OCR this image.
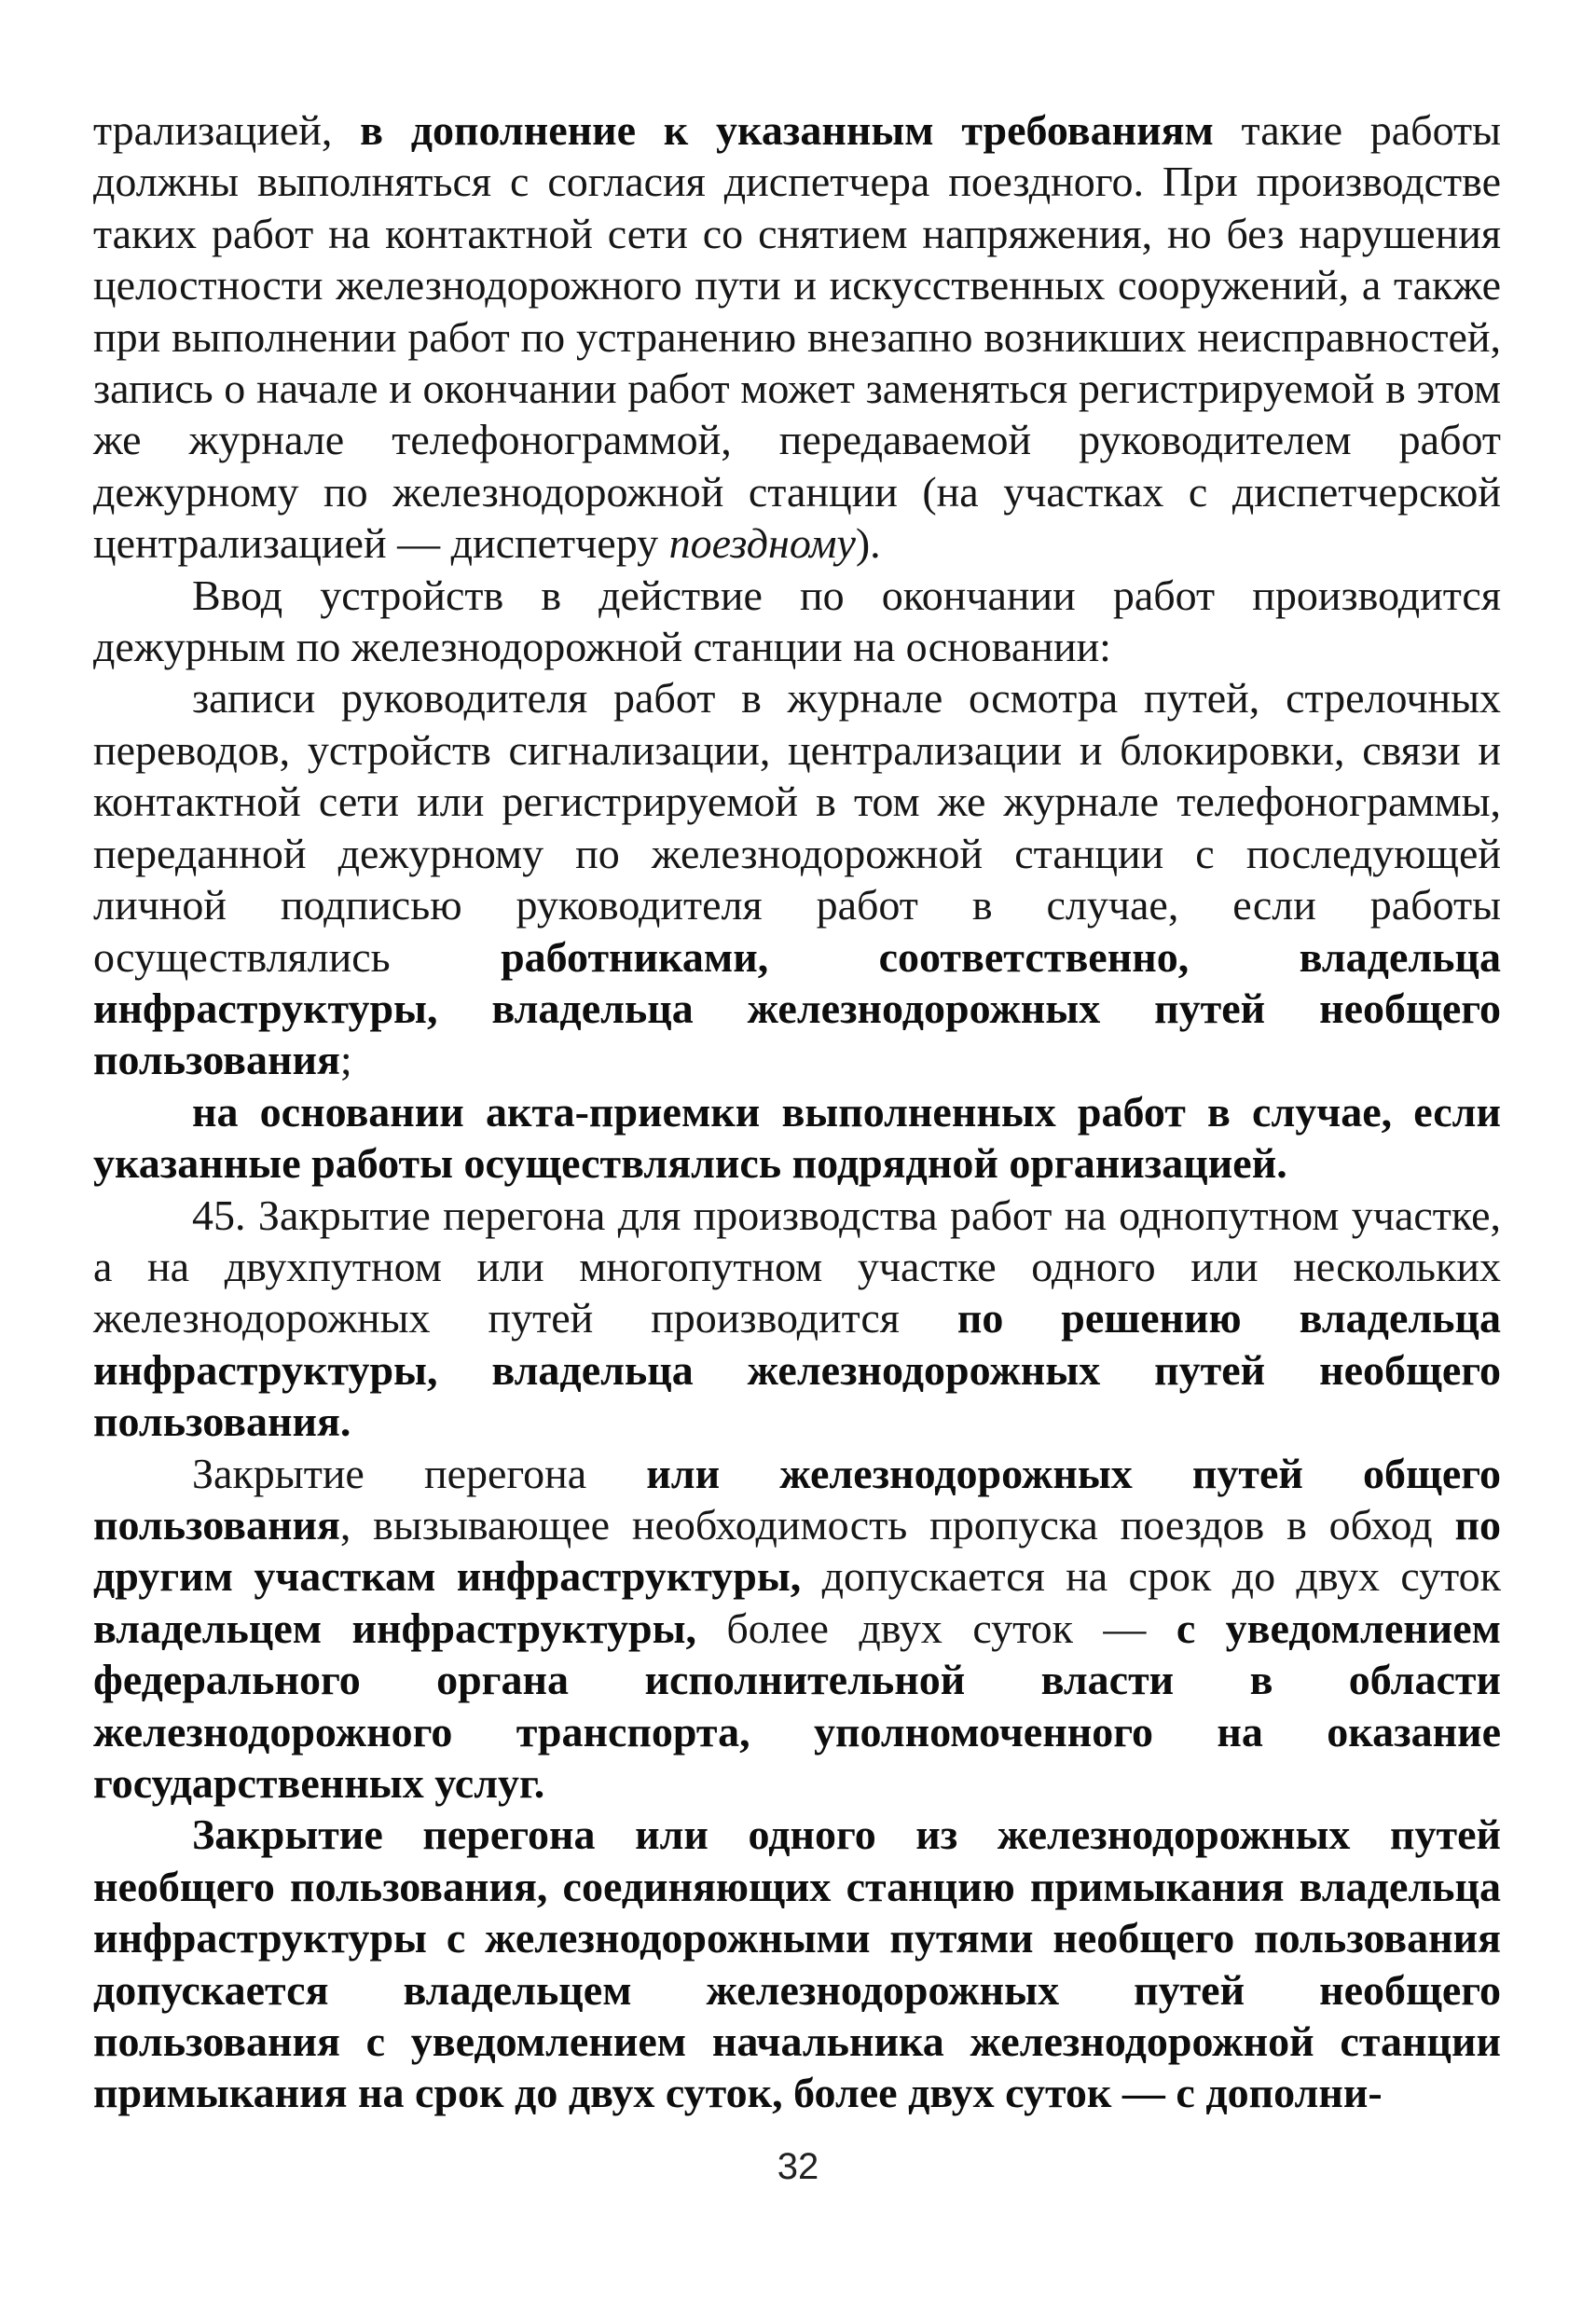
трализацией, в дополнение к указанным требованиям такие работы должны выполняться с согласия диспетчера поездного. При производстве таких работ на контактной сети со снятием напряжения, но без нарушения целостности железнодорожного пути и искусственных сооружений, а также при выполнении работ по устранению внезапно возникших неисправностей, запись о начале и окончании работ может заменяться регистрируемой в этом же журнале телефонограммой, передаваемой руководителем работ дежурному по железнодорожной станции (на участках с диспетчерской централизацией — диспетчеру поездному).

Ввод устройств в действие по окончании работ производится дежурным по железнодорожной станции на основании:

записи руководителя работ в журнале осмотра путей, стрелочных переводов, устройств сигнализации, централизации и блокировки, связи и контактной сети или регистрируемой в том же журнале телефонограммы, переданной дежурному по железнодорожной станции с последующей личной подписью руководителя работ в случае, если работы осуществлялись работниками, соответственно, владельца инфраструктуры, владельца железнодорожных путей необщего пользования;

на основании акта-приемки выполненных работ в случае, если указанные работы осуществлялись подрядной организацией.

45. Закрытие перегона для производства работ на однопутном участке, а на двухпутном или многопутном участке одного или нескольких железнодорожных путей производится по решению владельца инфраструктуры, владельца железнодорожных путей необщего пользования.

Закрытие перегона или железнодорожных путей общего пользования, вызывающее необходимость пропуска поездов в обход по другим участкам инфраструктуры, допускается на срок до двух суток владельцем инфраструктуры, более двух суток — с уведомлением федерального органа исполнительной власти в области железнодорожного транспорта, уполномоченного на оказание государственных услуг.

Закрытие перегона или одного из железнодорожных путей необщего пользования, соединяющих станцию примыкания владельца инфраструктуры с железнодорожными путями необщего пользования допускается владельцем железнодорожных путей необщего пользования с уведомлением начальника железнодорожной станции примыкания на срок до двух суток, более двух суток — с дополни-

32
